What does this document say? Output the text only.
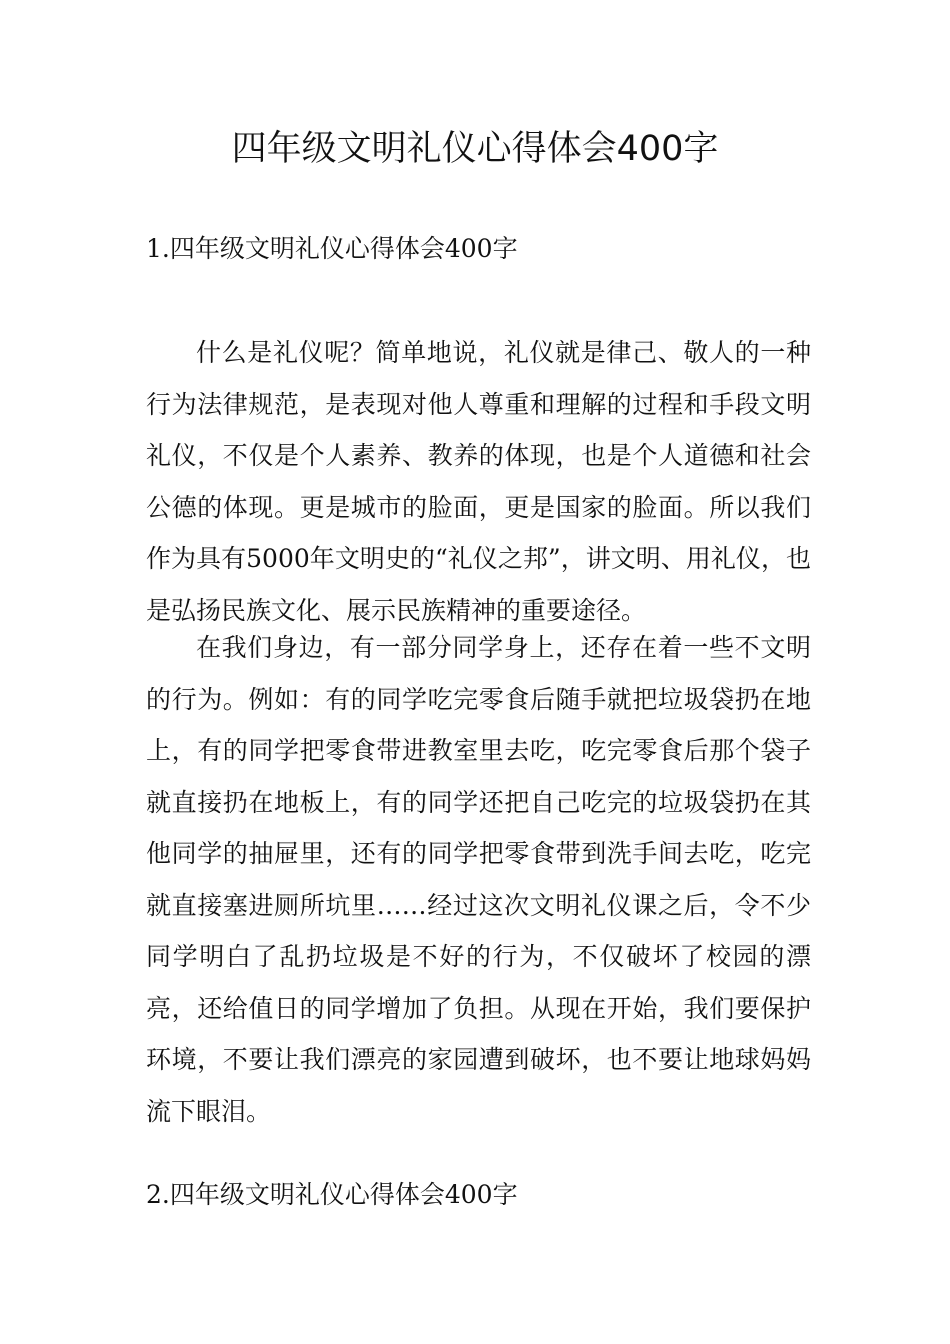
四年级文明礼仪心得体会400字
1.四年级文明礼仪心得体会400字

什么是礼仪呢？简单地说，礼仪就是律己、敬人的一种行为法律规范，是表现对他人尊重和理解的过程和手段文明礼仪，不仅是个人素养、教养的体现，也是个人道德和社会公德的体现。更是城市的脸面，更是国家的脸面。所以我们作为具有5000年文明史的“礼仪之邦”，讲文明、用礼仪，也是弘扬民族文化、展示民族精神的重要途径。

在我们身边，有一部分同学身上，还存在着一些不文明的行为。例如：有的同学吃完零食后随手就把垃圾袋扔在地上，有的同学把零食带进教室里去吃，吃完零食后那个袋子就直接扔在地板上，有的同学还把自己吃完的垃圾袋扔在其他同学的抽屉里，还有的同学把零食带到洗手间去吃，吃完就直接塞进厕所坑里……经过这次文明礼仪课之后，令不少同学明白了乱扔垃圾是不好的行为，不仅破坏了校园的漂亮，还给值日的同学增加了负担。从现在开始，我们要保护环境，不要让我们漂亮的家园遭到破坏，也不要让地球妈妈流下眼泪。

2.四年级文明礼仪心得体会400字
